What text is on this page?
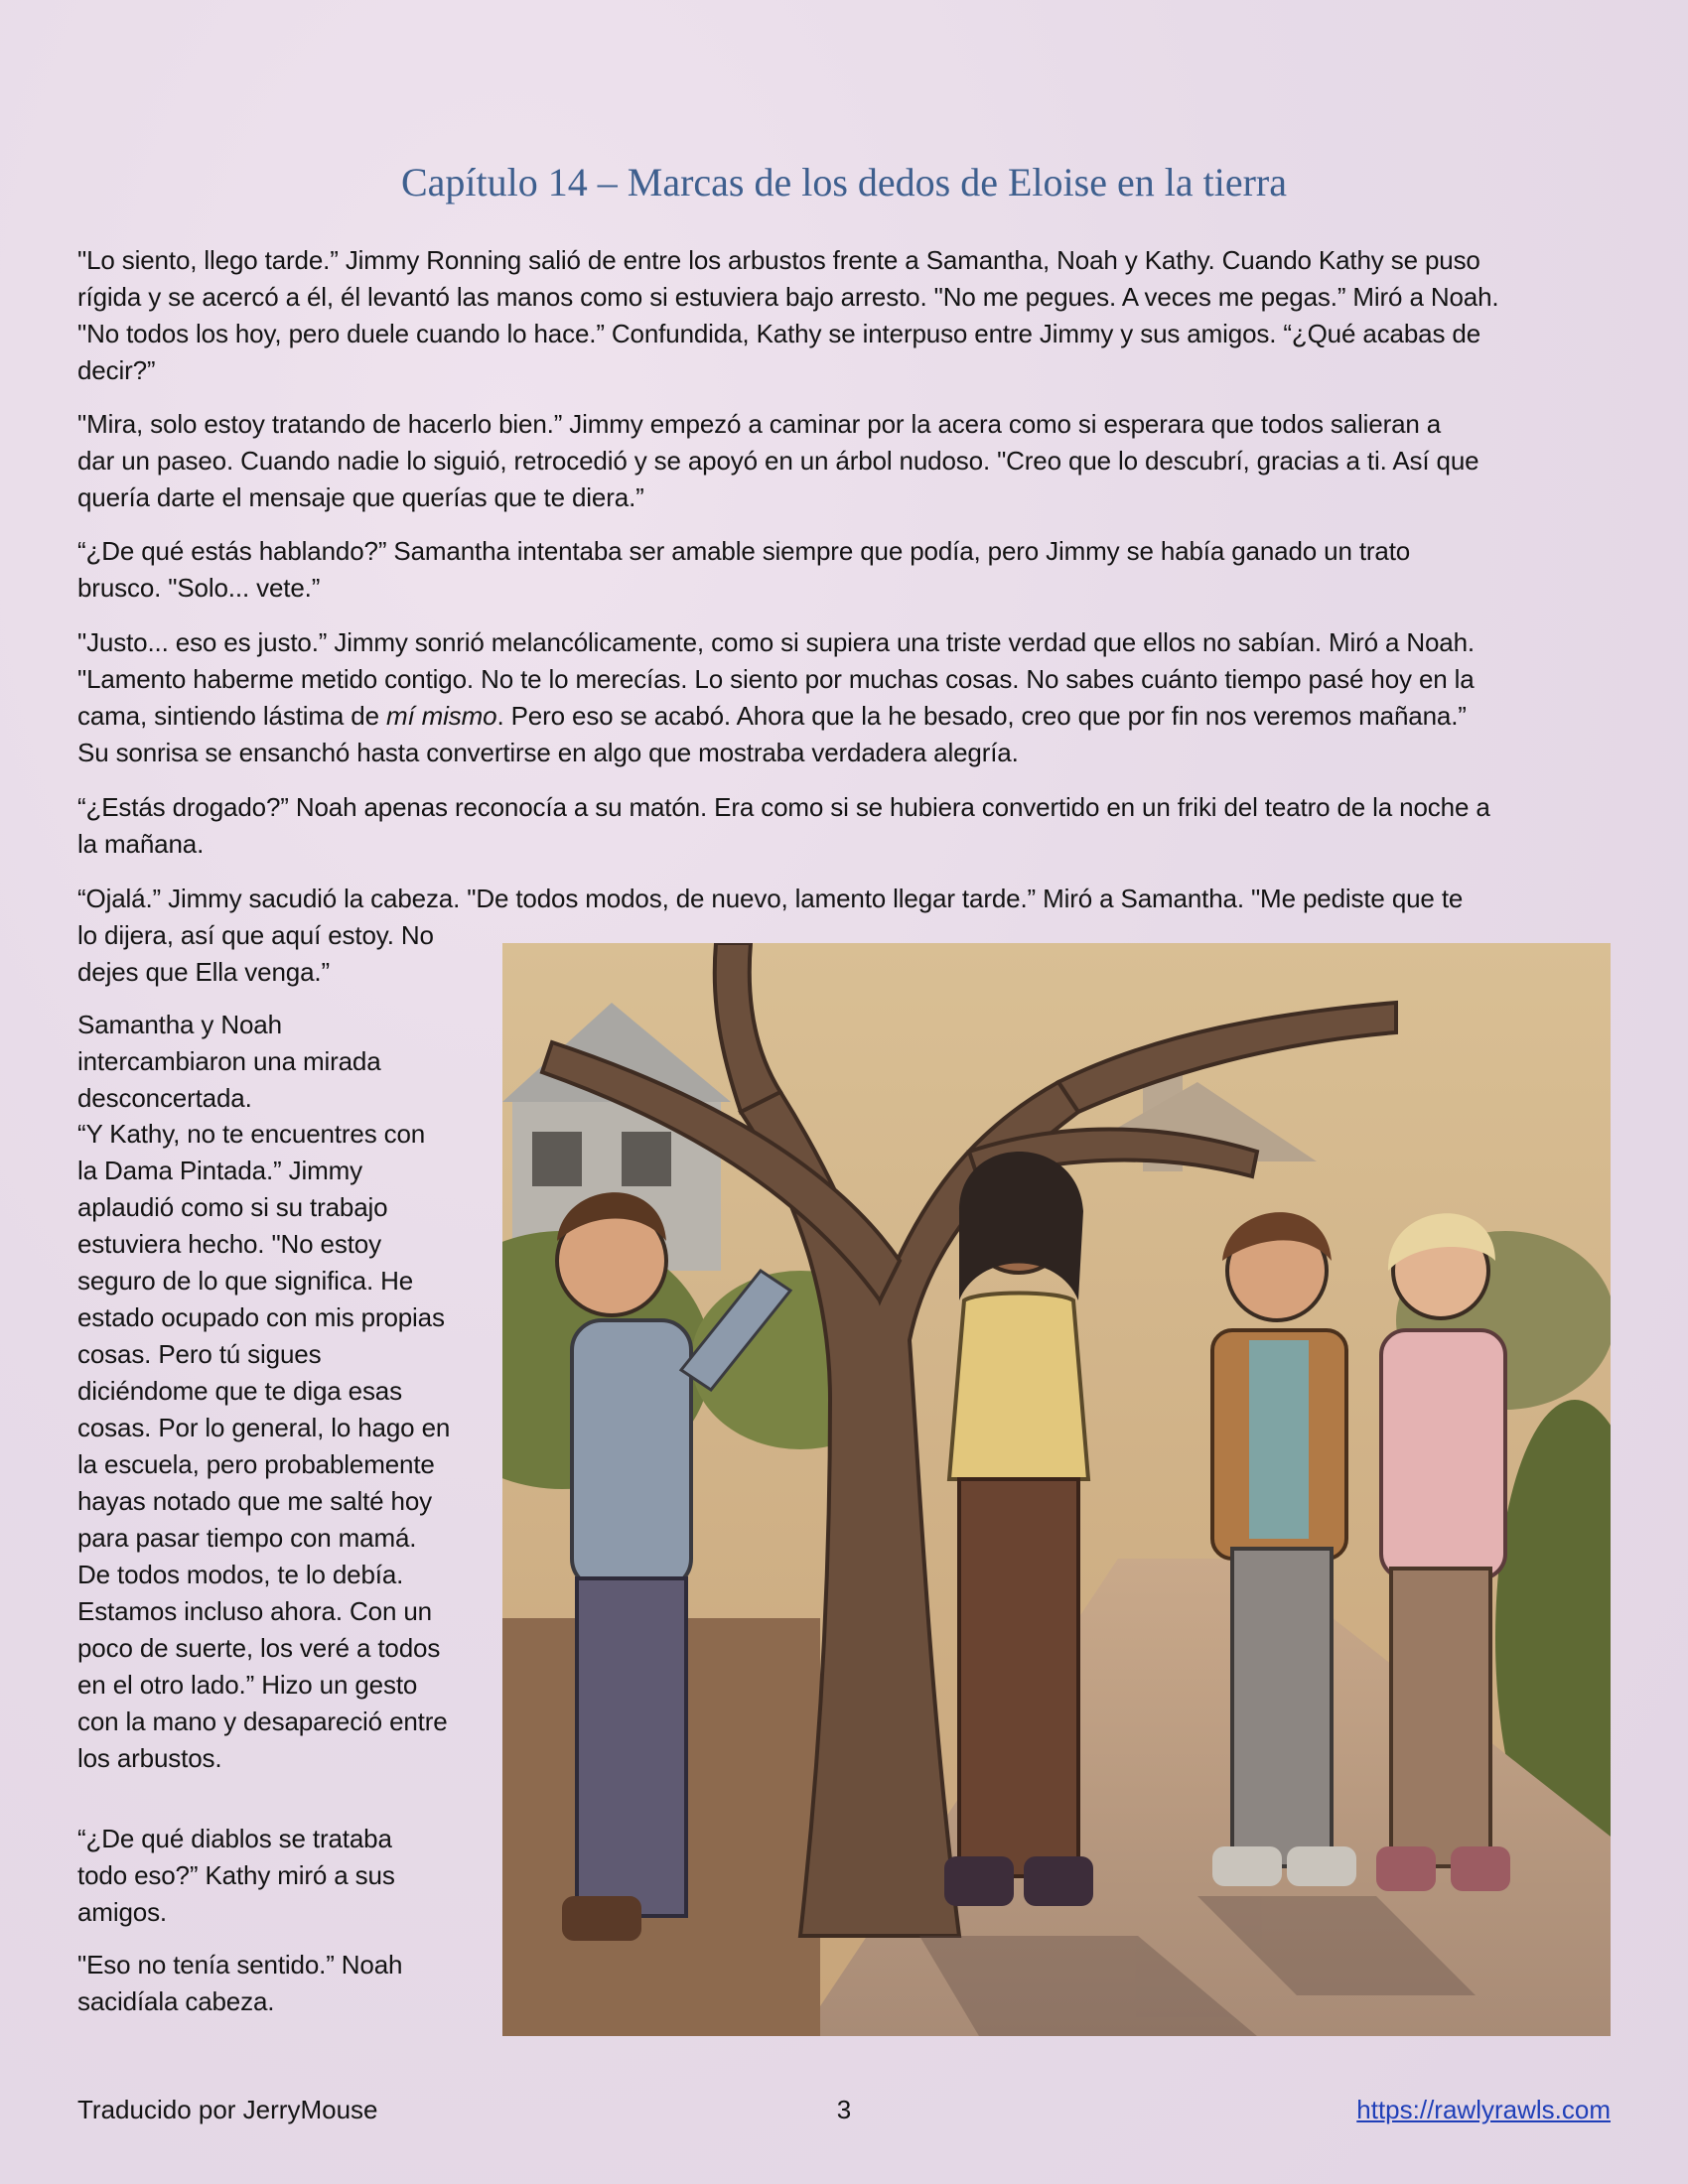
Capítulo 14 – Marcas de los dedos de Eloise en la tierra

"Lo siento, llego tarde.” Jimmy Ronning salió de entre los arbustos frente a Samantha, Noah y Kathy. Cuando Kathy se puso
rígida y se acercó a él, él levantó las manos como si estuviera bajo arresto. "No me pegues. A veces me pegas.” Miró a Noah.
"No todos los hoy, pero duele cuando lo hace.” Confundida, Kathy se interpuso entre Jimmy y sus amigos. “¿Qué acabas de
decir?”

"Mira, solo estoy tratando de hacerlo bien.” Jimmy empezó a caminar por la acera como si esperara que todos salieran a
dar un paseo. Cuando nadie lo siguió, retrocedió y se apoyó en un árbol nudoso. "Creo que lo descubrí, gracias a ti. Así que
quería darte el mensaje que querías que te diera.”

“¿De qué estás hablando?” Samantha intentaba ser amable siempre que podía, pero Jimmy se había ganado un trato
brusco. "Solo... vete.”

"Justo... eso es justo.” Jimmy sonrió melancólicamente, como si supiera una triste verdad que ellos no sabían. Miró a Noah.
"Lamento haberme metido contigo. No te lo merecías. Lo siento por muchas cosas. No sabes cuánto tiempo pasé hoy en la
cama, sintiendo lástima de mí mismo. Pero eso se acabó. Ahora que la he besado, creo que por fin nos veremos mañana.”
Su sonrisa se ensanchó hasta convertirse en algo que mostraba verdadera alegría.

“¿Estás drogado?” Noah apenas reconocía a su matón. Era como si se hubiera convertido en un friki del teatro de la noche a
la mañana.

“Ojalá.” Jimmy sacudió la cabeza. "De todos modos, de nuevo, lamento llegar tarde.” Miró a Samantha. "Me pediste que te
lo dijera, así que aquí estoy. No
dejes que Ella venga.”

Samantha y Noah
intercambiaron una mirada
desconcertada.

“Y Kathy, no te encuentres con
la Dama Pintada.” Jimmy
aplaudió como si su trabajo
estuviera hecho. "No estoy
seguro de lo que significa. He
estado ocupado con mis propias
cosas. Pero tú sigues
diciéndome que te diga esas
cosas. Por lo general, lo hago en
la escuela, pero probablemente
hayas notado que me salté hoy
para pasar tiempo con mamá.
De todos modos, te lo debía.
Estamos incluso ahora. Con un
poco de suerte, los veré a todos
en el otro lado.” Hizo un gesto
con la mano y desapareció entre
los arbustos.

“¿De qué diablos se trataba
todo eso?” Kathy miró a sus
amigos.

"Eso no tenía sentido.” Noah
sacidíala cabeza.

Traducido por JerryMouse	3	https://rawlyrawls.com
